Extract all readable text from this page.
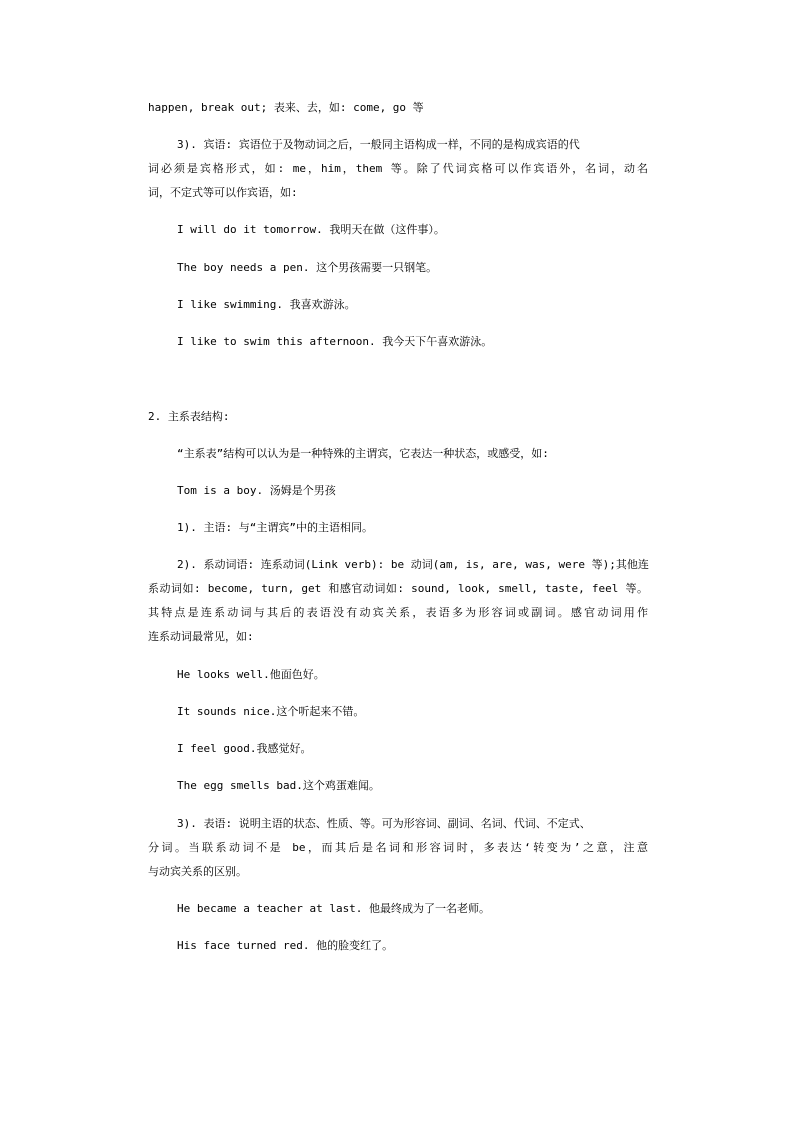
happen, break out; 表来、去，如: come, go 等
3). 宾语: 宾语位于及物动词之后，一般同主语构成一样，不同的是构成宾语的代
词必须是宾格形式，如: me，him，them 等。除了代词宾格可以作宾语外，名词，动名
词，不定式等可以作宾语，如:
I will do it tomorrow. 我明天在做（这件事）。
The boy needs a pen. 这个男孩需要一只钢笔。
I like swimming. 我喜欢游泳。
I like to swim this afternoon. 我今天下午喜欢游泳。
2. 主系表结构:
“主系表”结构可以认为是一种特殊的主谓宾，它表达一种状态，或感受，如:
Tom is a boy. 汤姆是个男孩
1). 主语: 与“主谓宾”中的主语相同。
2). 系动词语: 连系动词(Link verb): be 动词(am, is, are, was, were 等);其他连
系动词如: become, turn, get 和感官动词如: sound, look, smell, taste, feel 等。
其特点是连系动词与其后的表语没有动宾关系，表语多为形容词或副词。感官动词用作
连系动词最常见，如:
He looks well.他面色好。
It sounds nice.这个听起来不错。
I feel good.我感觉好。
The egg smells bad.这个鸡蛋难闻。
3). 表语: 说明主语的状态、性质、等。可为形容词、副词、名词、代词、不定式、
分词。当联系动词不是 be，而其后是名词和形容词时，多表达‘转变为’之意，注意
与动宾关系的区别。
He became a teacher at last. 他最终成为了一名老师。
His face turned red. 他的脸变红了。
